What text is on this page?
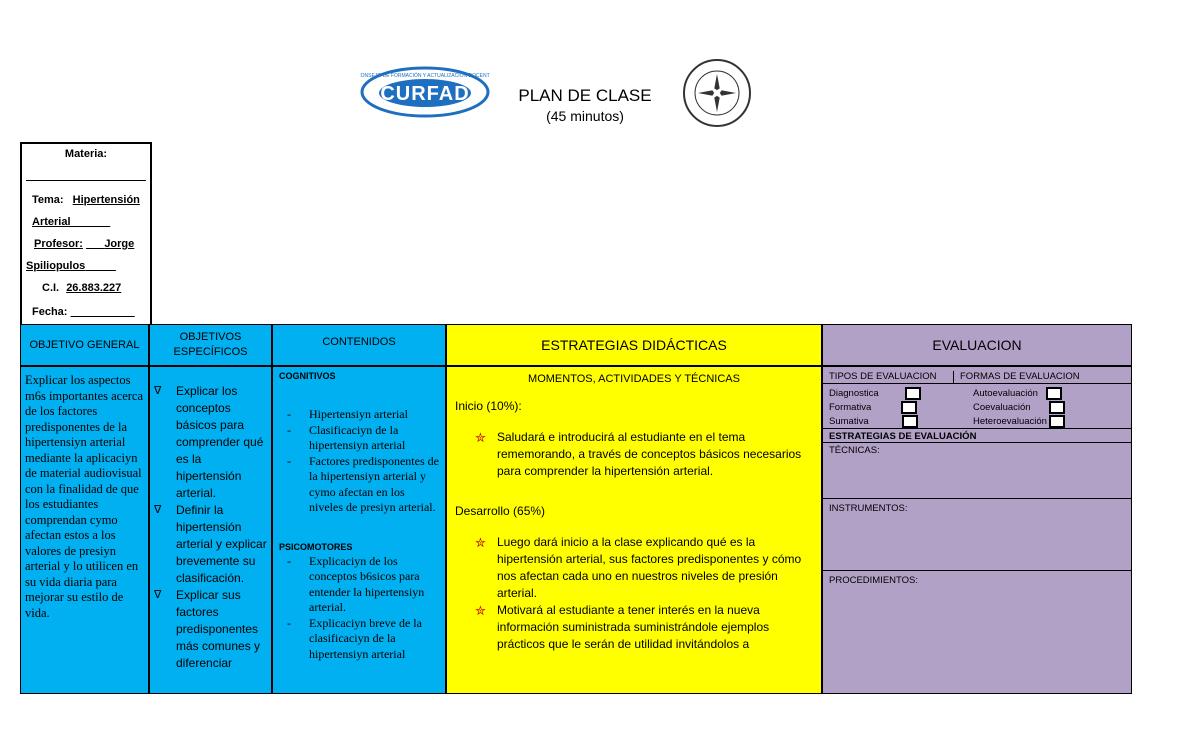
CURFAD
CONSEJO DE FORMACIÓN Y ACTUALIZACIÓN DOCENTE
PLAN DE CLASE
(45 minutos)
Materia:
Tema: Hipertensión
Arterial
Profesor: Jorge
Spiliopulos
C.I. 26.883.227
Fecha:
OBJETIVO GENERAL

Explicar los aspectos m6s importantes acerca de los factores predisponentes de la hipertensiyn arterial mediante la aplicaciyn de material audiovisual con la finalidad de que los estudiantes comprendan cymo afectan estos a los valores de presiyn arterial y lo utilicen en su vida diaria para mejorar su estilo de vida.

OBJETIVOS ESPECÍFICOS
∇ Explicar los conceptos básicos para comprender qué es la hipertensión arterial.
∇ Definir la hipertensión arterial y explicar brevemente su clasificación.
∇ Explicar sus factores predisponentes más comunes y diferenciar
CONTENIDOS
COGNITIVOS
- Hipertensiyn arterial
- Clasificaciyn de la hipertensiyn arterial
- Factores predisponentes de la hipertensiyn arterial y cymo afectan en los niveles de presiyn arterial.
PSICOMOTORES
- Explicaciyn de los conceptos b6sicos para entender la hipertensiyn arterial.
- Explicaciyn breve de la clasificaciyn de la hipertensiyn arterial
ESTRATEGIAS DIDÁCTICAS
MOMENTOS, ACTIVIDADES Y TÉCNICAS
Inicio (10%):
✮ Saludará e introducirá al estudiante en el tema rememorando, a través de conceptos básicos necesarios para comprender la hipertensión arterial.
Desarrollo (65%)
✮ Luego dará inicio a la clase explicando qué es la hipertensión arterial, sus factores predisponentes y cómo nos afectan cada uno en nuestros niveles de presión arterial.
✮ Motivará al estudiante a tener interés en la nueva información suministrada suministrándole ejemplos prácticos que le serán de utilidad invitándolos a
EVALUACION
TIPOS DE EVALUACION	FORMAS DE EVALUACION
Diagnostica
Formativa
Sumativa
Autoevaluación
Coevaluación
Heteroevaluación
ESTRATEGIAS DE EVALUACIÓN
TÉCNICAS:
INSTRUMENTOS:
PROCEDIMIENTOS:
